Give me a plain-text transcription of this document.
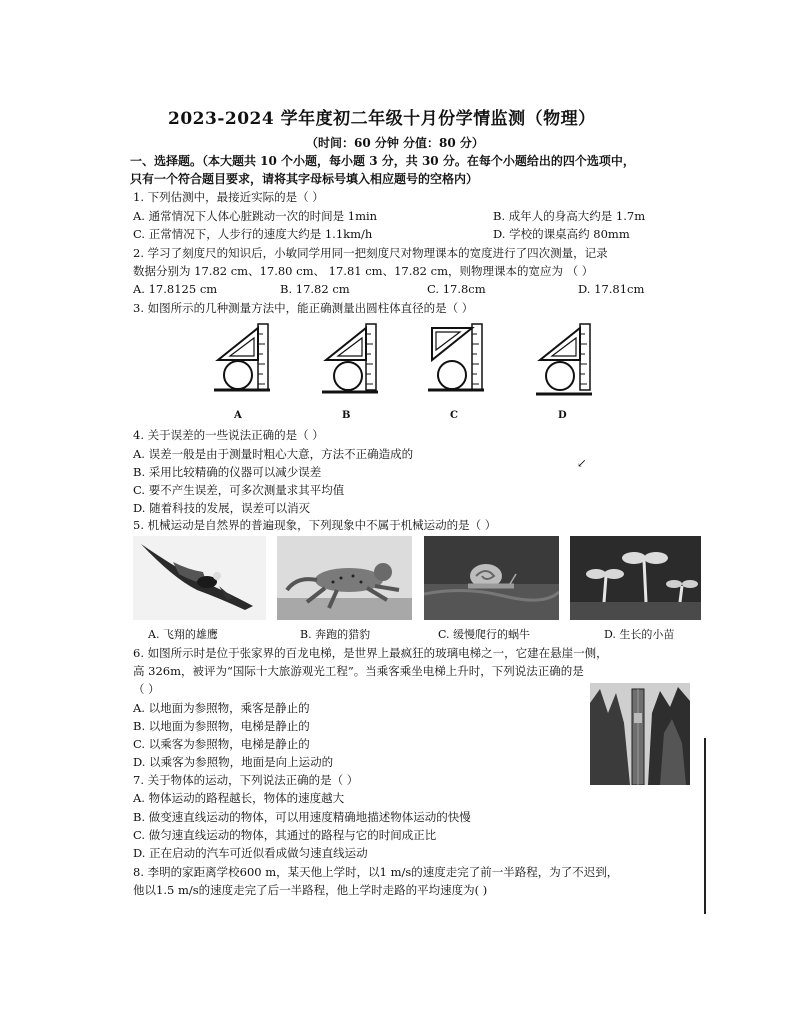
2023-2024 学年度初二年级十月份学情监测（物理）
（时间：60 分钟 分值：80 分）
一、选择题。（本大题共 10 个小题，每小题 3 分，共 30 分。在每个小题给出的四个选项中，
只有一个符合题目要求，请将其字母标号填入相应题号的空格内）
1. 下列估测中，最接近实际的是（ ）
A. 通常情况下人体心脏跳动一次的时间是 1min	B. 成年人的身高大约是 1.7m
C. 正常情况下，人步行的速度大约是 1.1km/h	D. 学校的课桌高约 80mm
2. 学习了刻度尺的知识后，小敏同学用同一把刻度尺对物理课本的宽度进行了四次测量，记录
数据分别为 17.82 cm、17.80 cm、 17.81 cm、17.82 cm，则物理课本的宽应为 （ ）
A. 17.8125 cm	B. 17.82 cm	C. 17.8cm	D. 17.81cm
3. 如图所示的几种测量方法中，能正确测量出圆柱体直径的是（ ）
A	B	C	D
4. 关于误差的一些说法正确的是（ ）
A. 误差一般是由于测量时粗心大意，方法不正确造成的
B. 采用比较精确的仪器可以减少误差
C. 要不产生误差，可多次测量求其平均值
D. 随着科技的发展，误差可以消灭
↙
5. 机械运动是自然界的普遍现象，下列现象中不属于机械运动的是（ ）
A. 飞翔的雄鹰	B. 奔跑的猎豹	C. 缓慢爬行的蜗牛	D. 生长的小苗
6. 如图所示时是位于张家界的百龙电梯，是世界上最疯狂的玻璃电梯之一，它建在悬崖一侧，
高 326m，被评为“国际十大旅游观光工程”。当乘客乘坐电梯上升时，下列说法正确的是
（ ）
A. 以地面为参照物，乘客是静止的
B. 以地面为参照物，电梯是静止的
C. 以乘客为参照物，电梯是静止的
D. 以乘客为参照物，地面是向上运动的
7. 关于物体的运动，下列说法正确的是（ ）
A. 物体运动的路程越长，物体的速度越大
B. 做变速直线运动的物体，可以用速度精确地描述物体运动的快慢
C. 做匀速直线运动的物体，其通过的路程与它的时间成正比
D. 正在启动的汽车可近似看成做匀速直线运动
8. 李明的家距离学校600 m，某天他上学时，以1 m/s的速度走完了前一半路程，为了不迟到，
他以1.5 m/s的速度走完了后一半路程，他上学时走路的平均速度为( )
